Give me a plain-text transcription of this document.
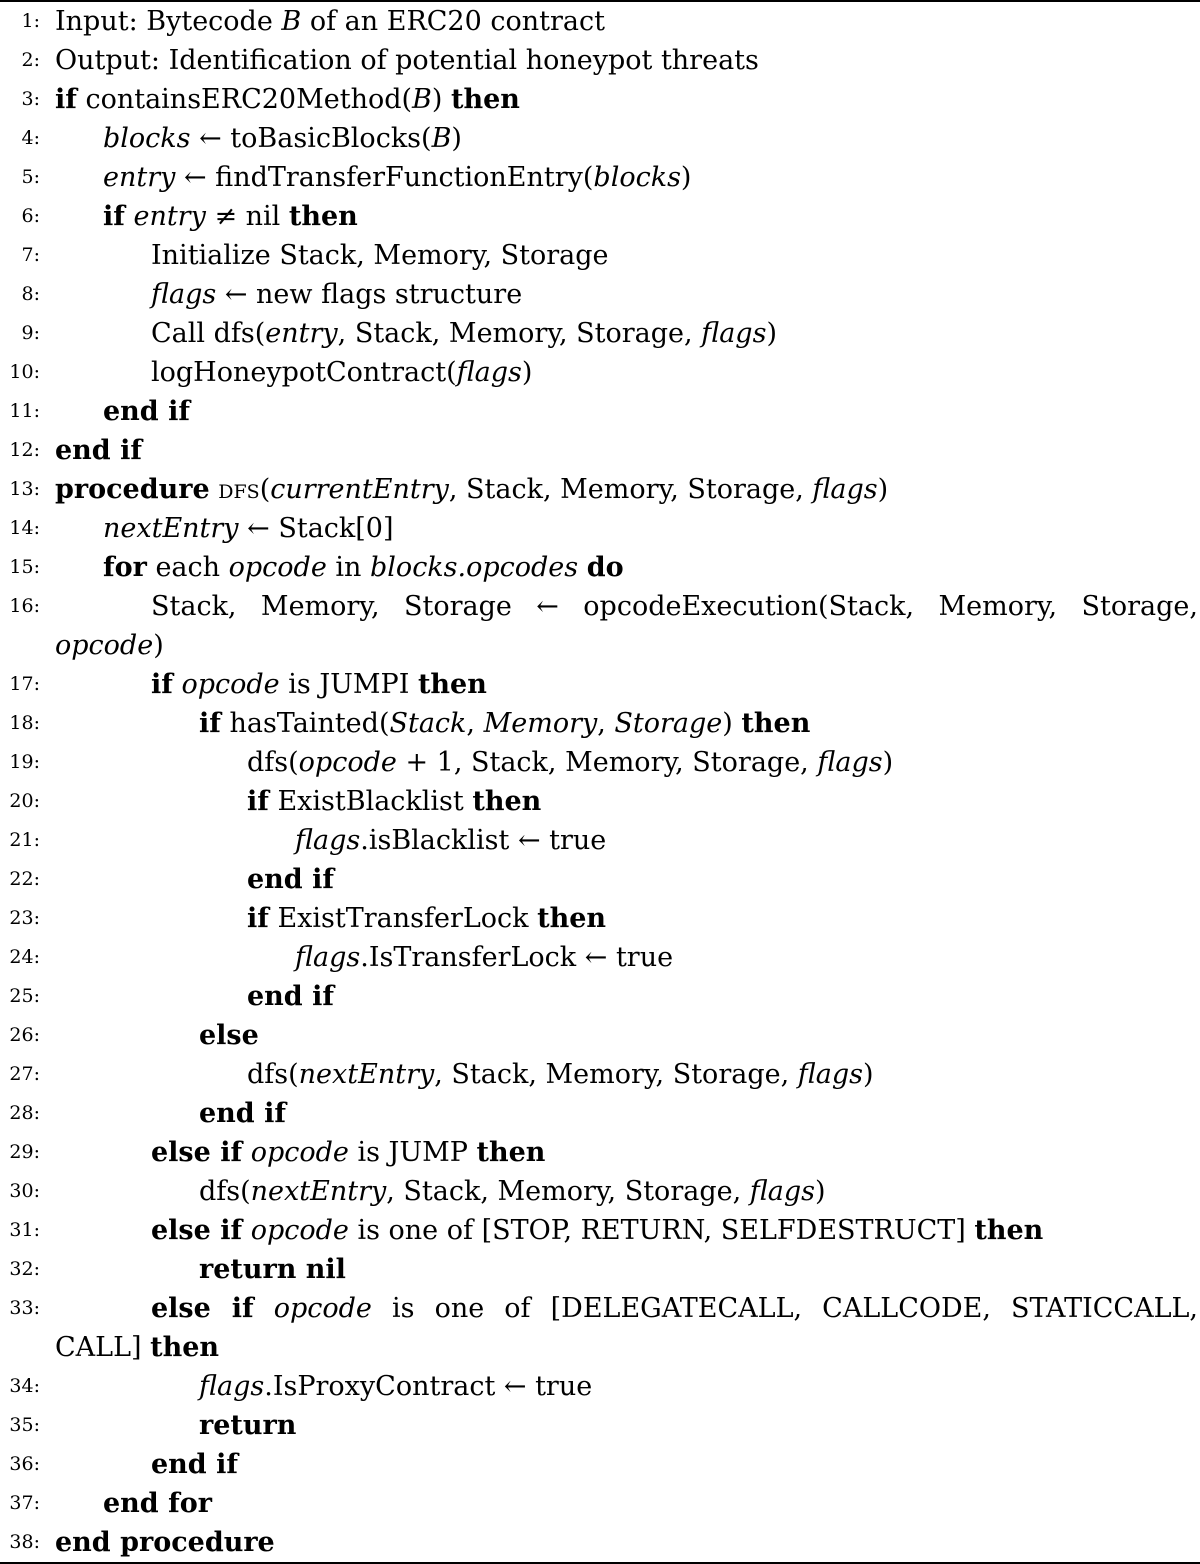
1: Input: Bytecode B of an ERC20 contract
2: Output: Identification of potential honeypot threats
3: if containsERC20Method(B) then
4: blocks ← toBasicBlocks(B)
5: entry ← findTransferFunctionEntry(blocks)
6: if entry ≠ nil then
7:	Initialize Stack, Memory, Storage
8:	flags ← new flags structure
9:	Call dfs(entry, Stack, Memory, Storage, flags)
10:	logHoneypotContract(flags)
11: end if
12: end if
13: procedure dfs(currentEntry, Stack, Memory, Storage, flags)
14: nextEntry ← Stack[0]
15: for each opcode in blocks.opcodes do
16:	Stack, Memory, Storage ← opcodeExecution(Stack, Memory, Storage, opcode)
17:	if opcode is JUMPI then
18:	if hasTainted(Stack, Memory, Storage) then
19:	dfs(opcode + 1, Stack, Memory, Storage, flags)
20:	if ExistBlacklist then
21:	flags.isBlacklist ← true
22:	end if
23:	if ExistTransferLock then
24:	flags.IsTransferLock ← true
25:	end if
26:	else
27:	dfs(nextEntry, Stack, Memory, Storage, flags)
28:	end if
29:	else if opcode is JUMP then
30:	dfs(nextEntry, Stack, Memory, Storage, flags)
31:	else if opcode is one of [STOP, RETURN, SELFDESTRUCT] then
32:	return nil
33:	else if opcode is one of [DELEGATECALL, CALLCODE, STATICCALL, CALL] then
34:	flags.IsProxyContract ← true
35:	return
36:	end if
37: end for
38: end procedure
